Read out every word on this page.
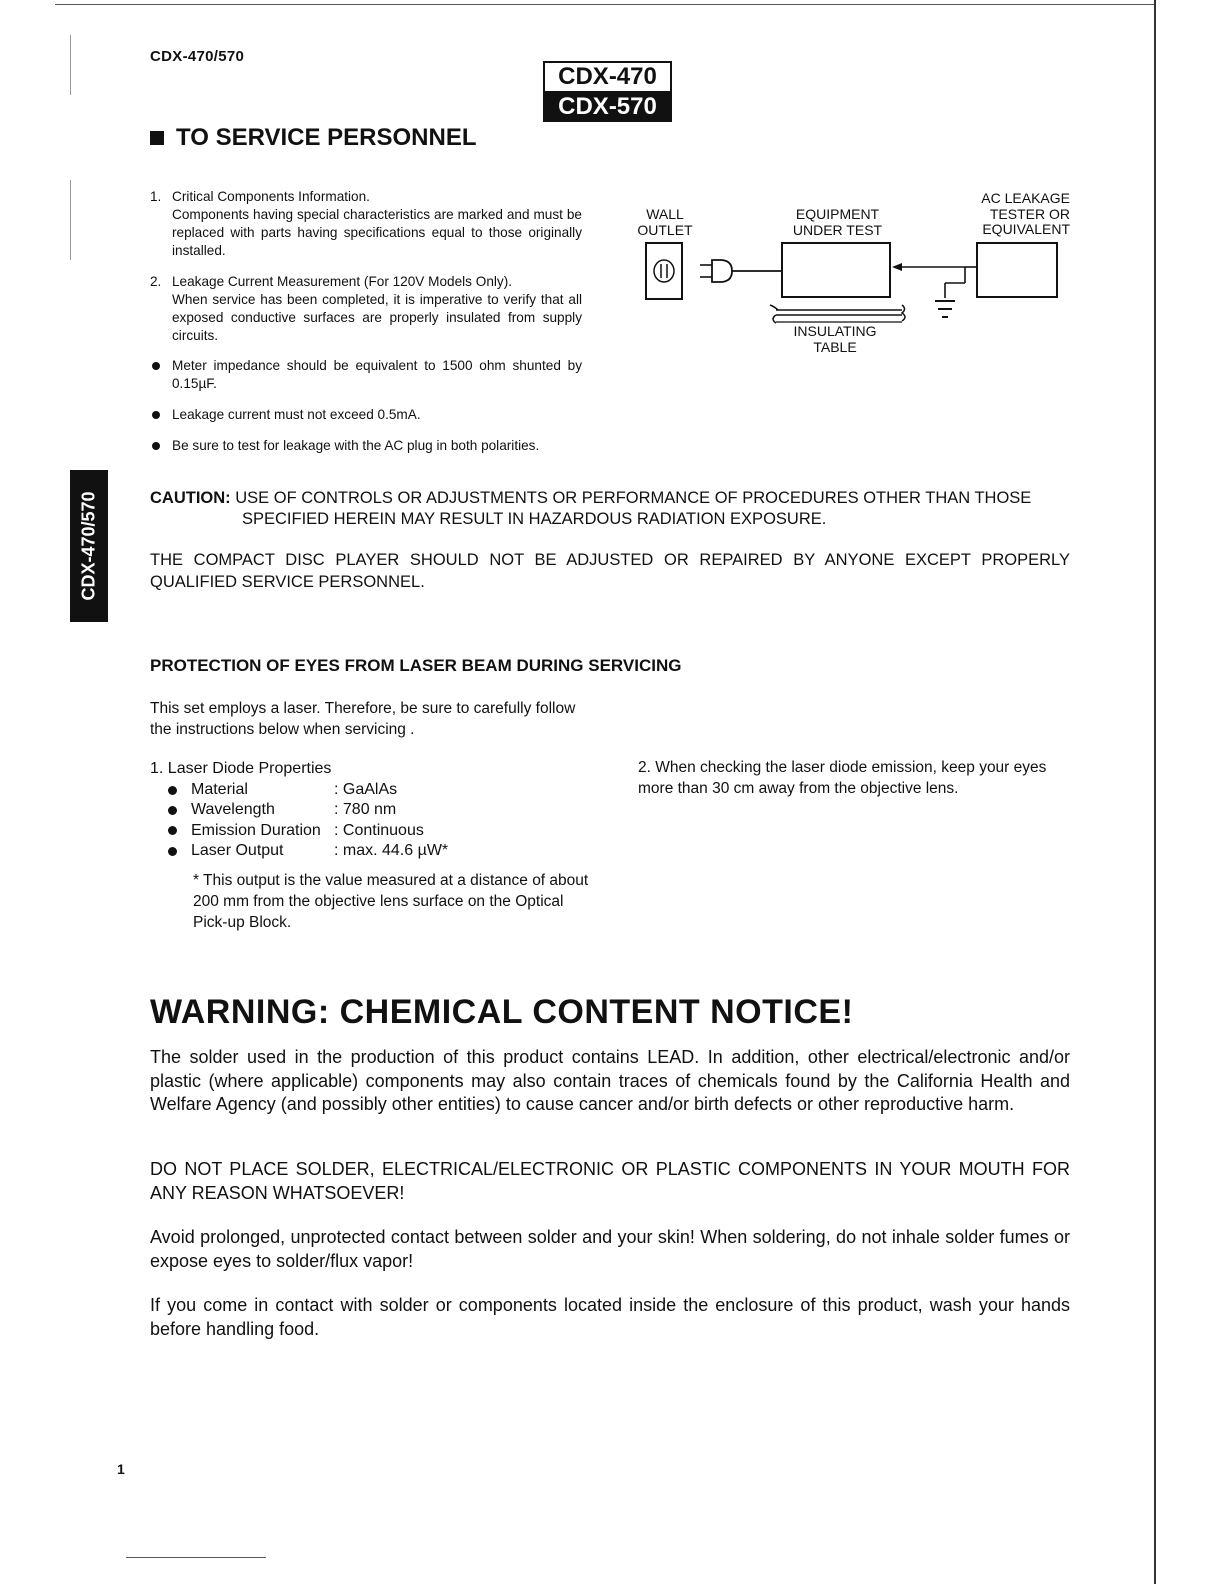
CDX-470/570
CDX-470
CDX-570
TO SERVICE PERSONNEL
1. Critical Components Information.
Components having special characteristics are marked and must be replaced with parts having specifications equal to those originally installed.
2. Leakage Current Measurement (For 120V Models Only).
When service has been completed, it is imperative to verify that all exposed conductive surfaces are properly insulated from supply circuits.
Meter impedance should be equivalent to 1500 ohm shunted by 0.15µF.
Leakage current must not exceed 0.5mA.
Be sure to test for leakage with the AC plug in both polarities.
WALL
OUTLET
EQUIPMENT
UNDER TEST
AC LEAKAGE
TESTER OR
EQUIVALENT
INSULATING
TABLE
CDX-470/570	CAUTION: USE OF CONTROLS OR ADJUSTMENTS OR PERFORMANCE OF PROCEDURES OTHER THAN THOSE
SPECIFIED HEREIN MAY RESULT IN HAZARDOUS RADIATION EXPOSURE.
THE COMPACT DISC PLAYER SHOULD NOT BE ADJUSTED OR REPAIRED BY ANYONE EXCEPT PROPERLY QUALIFIED SERVICE PERSONNEL.
PROTECTION OF EYES FROM LASER BEAM DURING SERVICING
This set employs a laser. Therefore, be sure to carefully follow the instructions below when servicing .
1. Laser Diode Properties
Material	: GaAlAs
Wavelength	: 780 nm
Emission Duration : Continuous
Laser Output	: max. 44.6 µW*
* This output is the value measured at a distance of about 200 mm from the objective lens surface on the Optical Pick-up Block.
2. When checking the laser diode emission, keep your eyes more than 30 cm away from the objective lens.
WARNING: CHEMICAL CONTENT NOTICE!
The solder used in the production of this product contains LEAD. In addition, other electrical/electronic and/or plastic (where applicable) components may also contain traces of chemicals found by the California Health and Welfare Agency (and possibly other entities) to cause cancer and/or birth defects or other reproductive harm.
DO NOT PLACE SOLDER, ELECTRICAL/ELECTRONIC OR PLASTIC COMPONENTS IN YOUR MOUTH FOR ANY REASON WHATSOEVER!
Avoid prolonged, unprotected contact between solder and your skin! When soldering, do not inhale solder fumes or expose eyes to solder/flux vapor!
If you come in contact with solder or components located inside the enclosure of this product, wash your hands before handling food.
1
